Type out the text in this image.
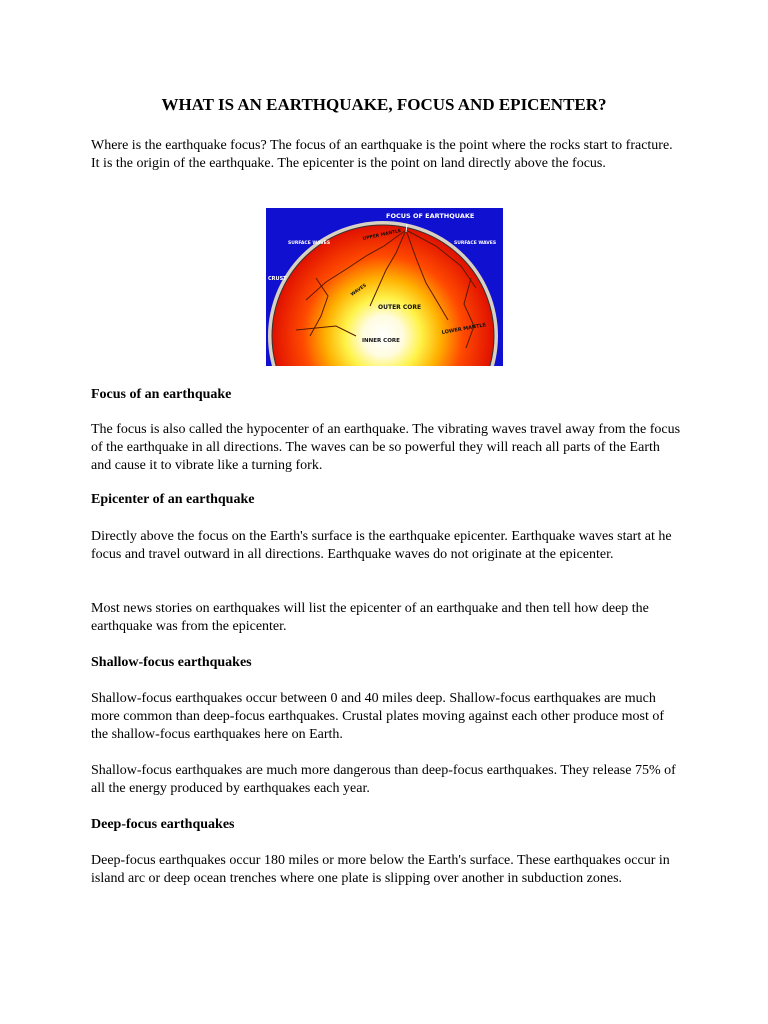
WHAT IS AN EARTHQUAKE, FOCUS AND EPICENTER?

Where is the earthquake focus? The focus of an earthquake is the point where the rocks start to fracture. It is the origin of the earthquake. The epicenter is the point on land directly above the focus.

FOCUS OF EARTHQUAKE
SURFACE WAVES	SURFACE WAVES
CRUST
UPPER MANTLE
WAVES
OUTER CORE
INNER CORE
LOWER MANTLE

Focus of an earthquake

The focus is also called the hypocenter of an earthquake. The vibrating waves travel away from the focus of the earthquake in all directions. The waves can be so powerful they will reach all parts of the Earth and cause it to vibrate like a turning fork.

Epicenter of an earthquake

Directly above the focus on the Earth's surface is the earthquake epicenter. Earthquake waves start at he focus and travel outward in all directions. Earthquake waves do not originate at the epicenter.

Most news stories on earthquakes will list the epicenter of an earthquake and then tell how deep the earthquake was from the epicenter.

Shallow-focus earthquakes

Shallow-focus earthquakes occur between 0 and 40 miles deep. Shallow-focus earthquakes are much more common than deep-focus earthquakes. Crustal plates moving against each other produce most of the shallow-focus earthquakes here on Earth.

Shallow-focus earthquakes are much more dangerous than deep-focus earthquakes. They release 75% of all the energy produced by earthquakes each year.

Deep-focus earthquakes

Deep-focus earthquakes occur 180 miles or more below the Earth's surface. These earthquakes occur in island arc or deep ocean trenches where one plate is slipping over another in subduction zones.
